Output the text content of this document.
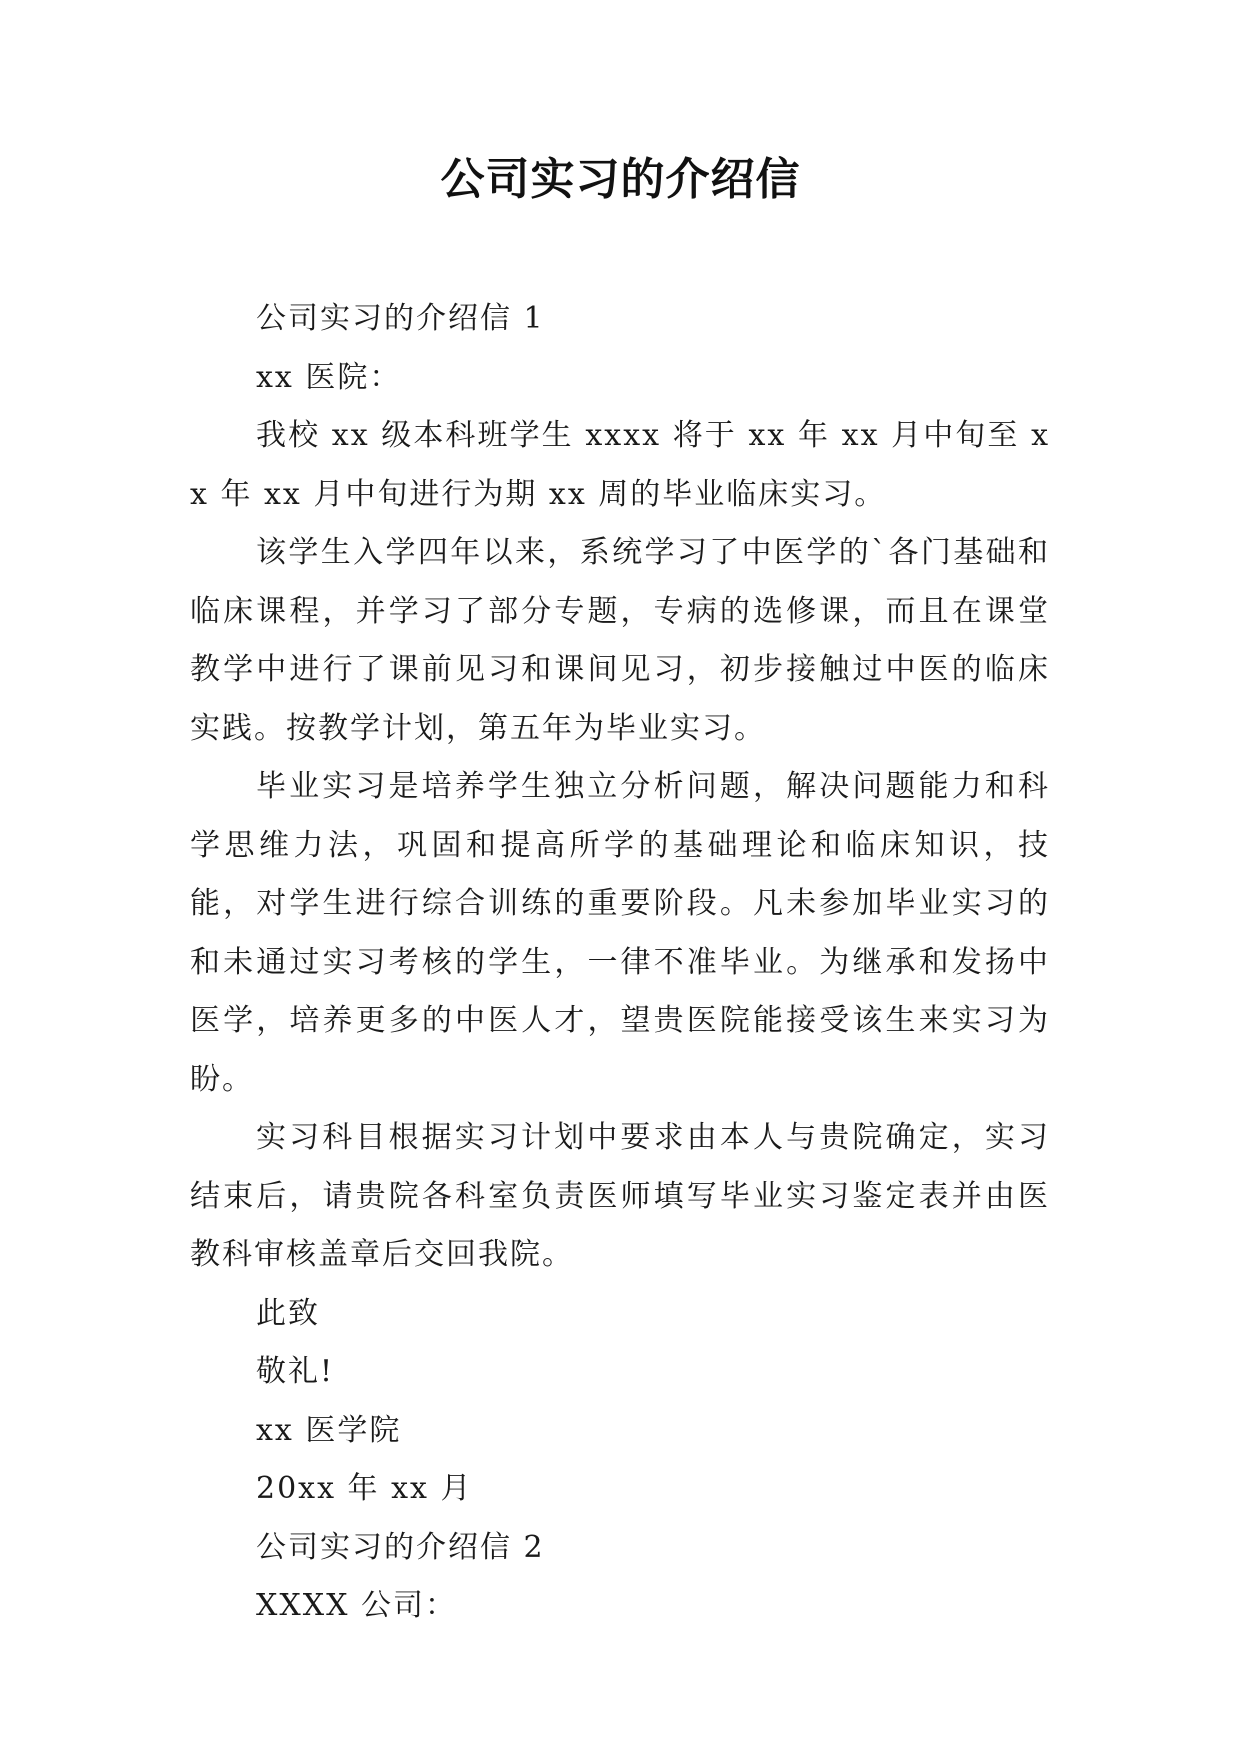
公司实习的介绍信

公司实习的介绍信 1

xx 医院：

我校 xx 级本科班学生 xxxx 将于 xx 年 xx 月中旬至 xx 年 xx 月中旬进行为期 xx 周的毕业临床实习。

该学生入学四年以来，系统学习了中医学的`各门基础和临床课程，并学习了部分专题，专病的选修课，而且在课堂教学中进行了课前见习和课间见习，初步接触过中医的临床实践。按教学计划，第五年为毕业实习。

毕业实习是培养学生独立分析问题，解决问题能力和科学思维力法，巩固和提高所学的基础理论和临床知识，技能，对学生进行综合训练的重要阶段。凡未参加毕业实习的和未通过实习考核的学生，一律不准毕业。为继承和发扬中医学，培养更多的中医人才，望贵医院能接受该生来实习为盼。

实习科目根据实习计划中要求由本人与贵院确定，实习结束后，请贵院各科室负责医师填写毕业实习鉴定表并由医教科审核盖章后交回我院。

此致

敬礼!

xx 医学院

20xx 年 xx 月

公司实习的介绍信 2

XXXX 公司：
